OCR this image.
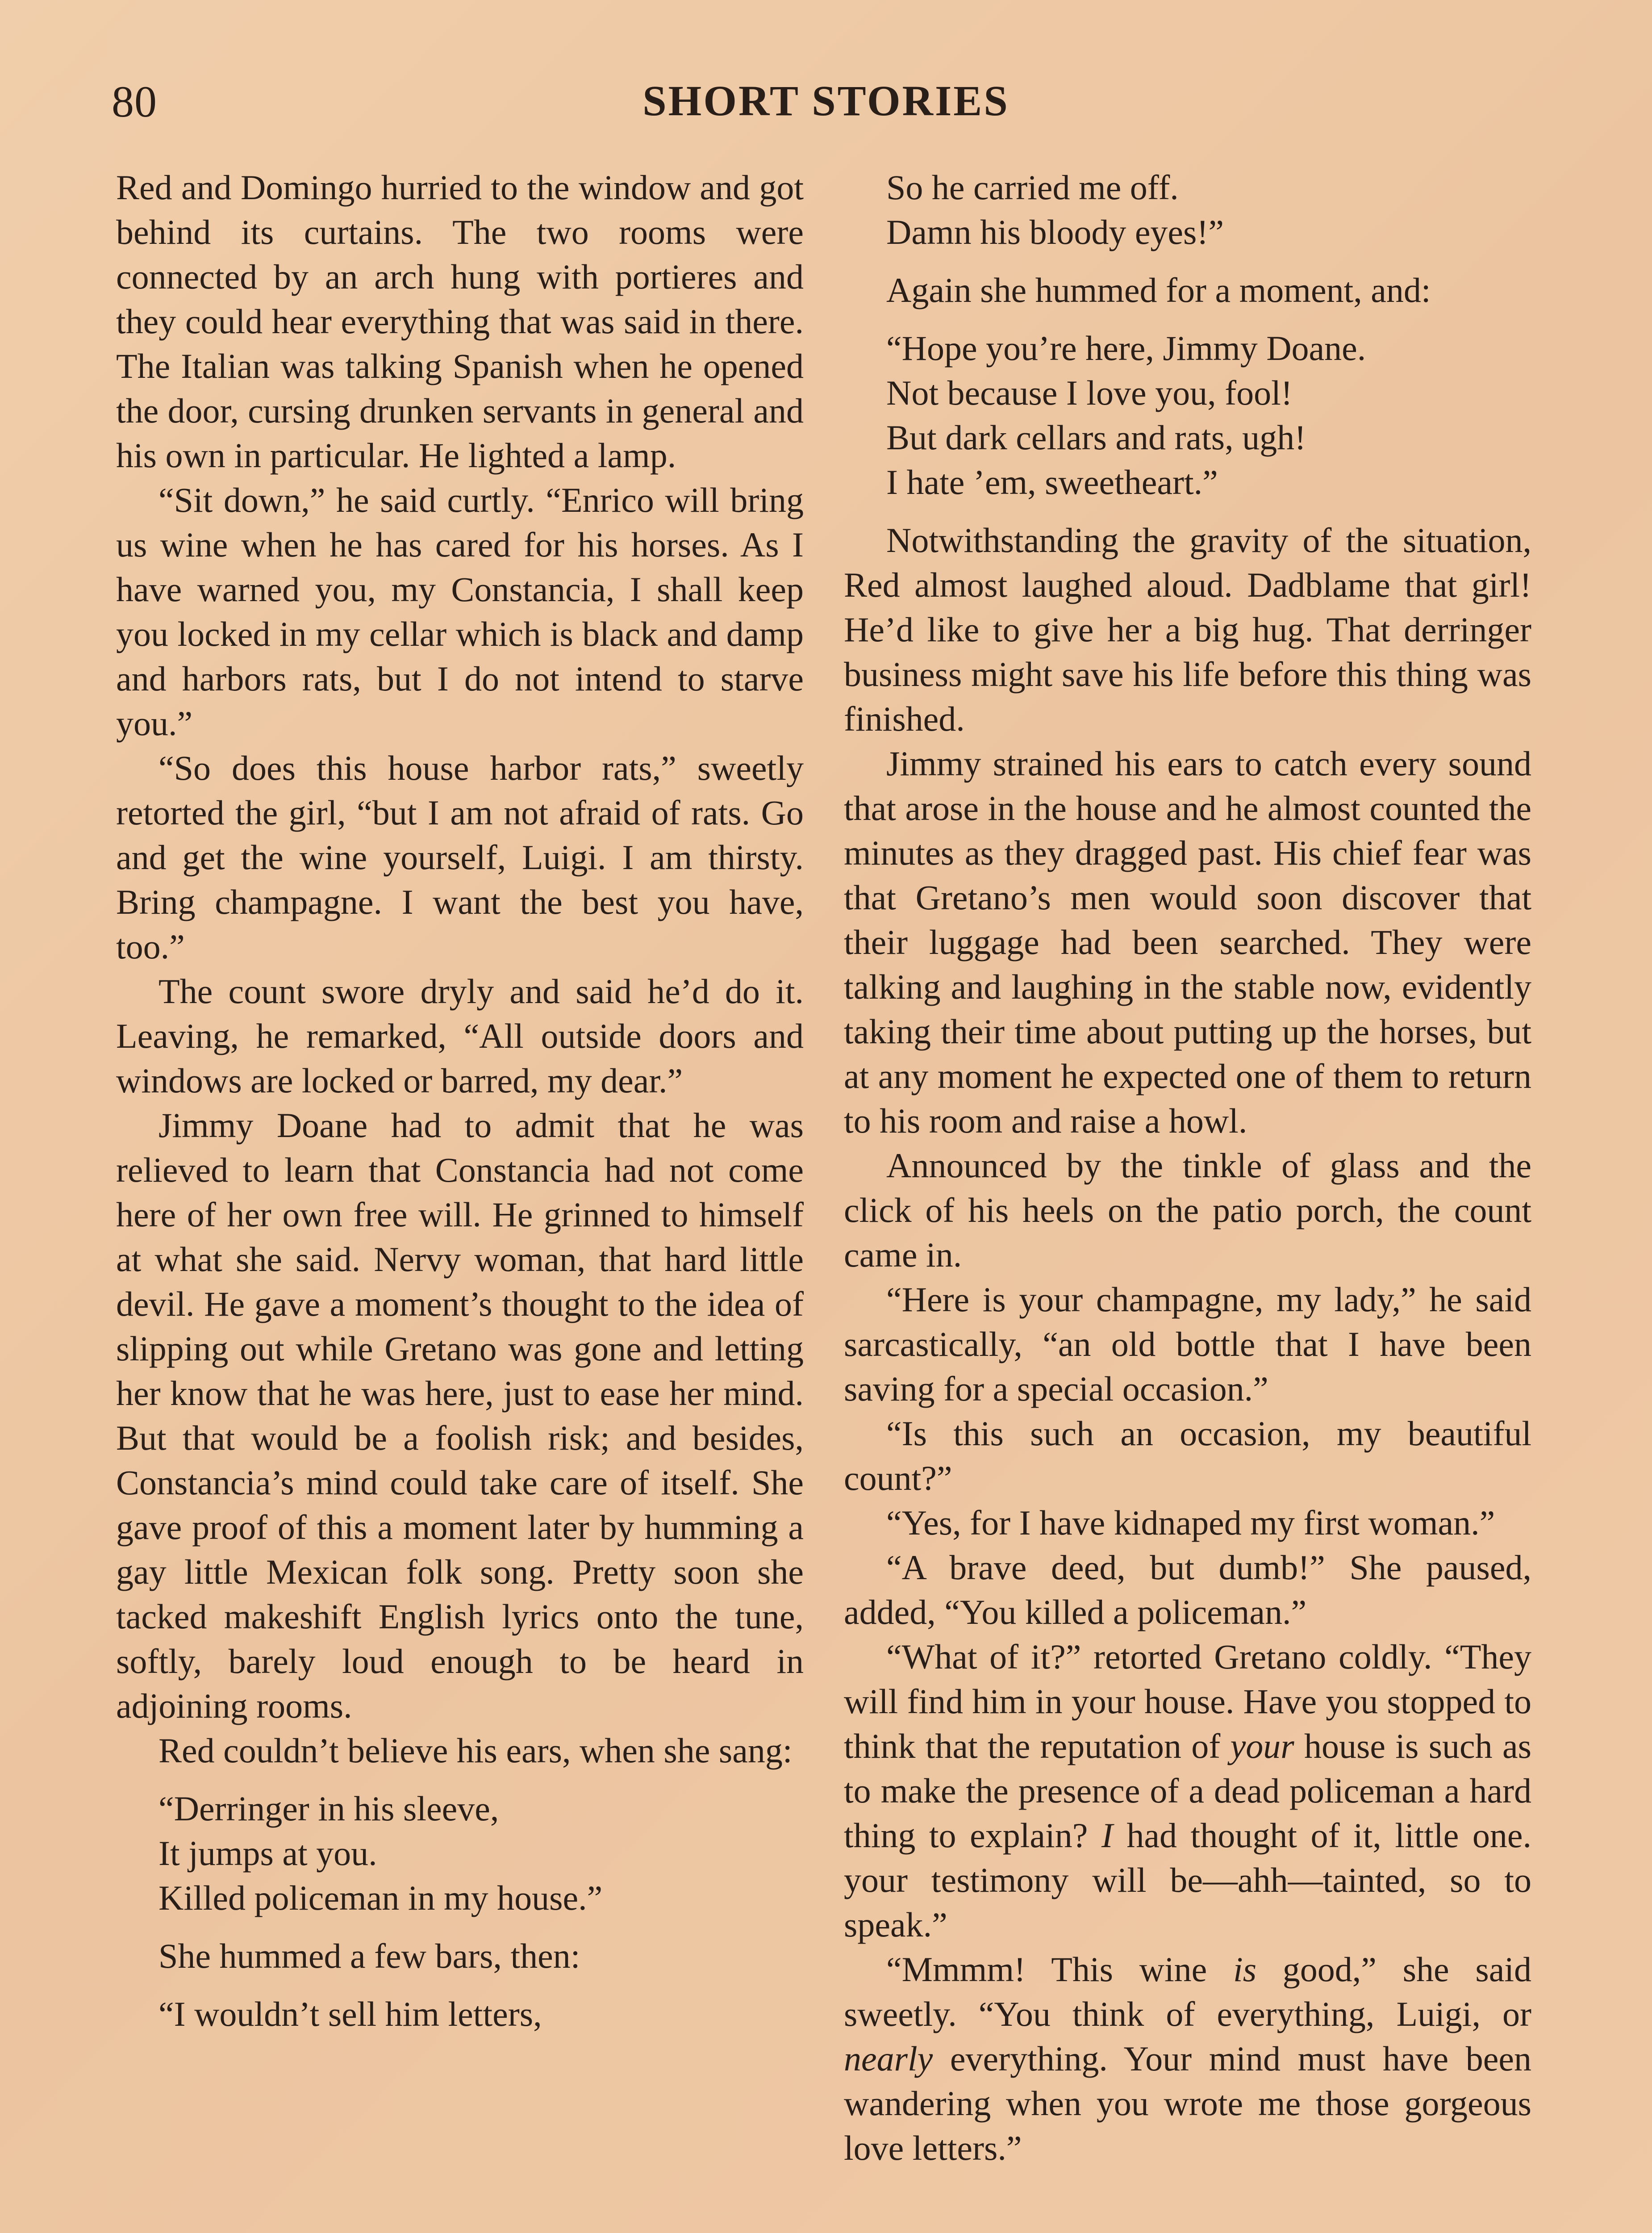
80	SHORT STORIES

Red and Domingo hurried to the window and got behind its curtains. The two rooms were connected by an arch hung with portieres and they could hear everything that was said in there. The Italian was talking Spanish when he opened the door, cursing drunken servants in general and his own in particular. He lighted a lamp.

“Sit down,” he said curtly. “Enrico will bring us wine when he has cared for his horses. As I have warned you, my Constancia, I shall keep you locked in my cellar which is black and damp and harbors rats, but I do not intend to starve you.”

“So does this house harbor rats,” sweetly retorted the girl, “but I am not afraid of rats. Go and get the wine yourself, Luigi. I am thirsty. Bring champagne. I want the best you have, too.”

The count swore dryly and said he’d do it. Leaving, he remarked, “All outside doors and windows are locked or barred, my dear.”

Jimmy Doane had to admit that he was relieved to learn that Constancia had not come here of her own free will. He grinned to himself at what she said. Nervy woman, that hard little devil. He gave a moment’s thought to the idea of slipping out while Gretano was gone and letting her know that he was here, just to ease her mind. But that would be a foolish risk; and besides, Constancia’s mind could take care of itself. She gave proof of this a moment later by humming a gay little Mexican folk song. Pretty soon she tacked makeshift English lyrics onto the tune, softly, barely loud enough to be heard in adjoining rooms.

Red couldn’t believe his ears, when she sang:

“Derringer in his sleeve,
It jumps at you.
Killed policeman in my house.”

She hummed a few bars, then:

“I wouldn’t sell him letters,
So he carried me off.
Damn his bloody eyes!”

Again she hummed for a moment, and:

“Hope you’re here, Jimmy Doane.
Not because I love you, fool!
But dark cellars and rats, ugh!
I hate ’em, sweetheart.”

Notwithstanding the gravity of the situation, Red almost laughed aloud. Dadblame that girl! He’d like to give her a big hug. That derringer business might save his life before this thing was finished.

Jimmy strained his ears to catch every sound that arose in the house and he almost counted the minutes as they dragged past. His chief fear was that Gretano’s men would soon discover that their luggage had been searched. They were talking and laughing in the stable now, evidently taking their time about putting up the horses, but at any moment he expected one of them to return to his room and raise a howl.

Announced by the tinkle of glass and the click of his heels on the patio porch, the count came in.

“Here is your champagne, my lady,” he said sarcastically, “an old bottle that I have been saving for a special occasion.”

“Is this such an occasion, my beautiful count?”

“Yes, for I have kidnaped my first woman.”

“A brave deed, but dumb!” She paused, added, “You killed a policeman.”

“What of it?” retorted Gretano coldly. “They will find him in your house. Have you stopped to think that the reputation of your house is such as to make the presence of a dead policeman a hard thing to explain? I had thought of it, little one. your testimony will be—ahh—tainted, so to speak.”

“Mmmm! This wine is good,” she said sweetly. “You think of everything, Luigi, or nearly everything. Your mind must have been wandering when you wrote me those gorgeous love letters.”
